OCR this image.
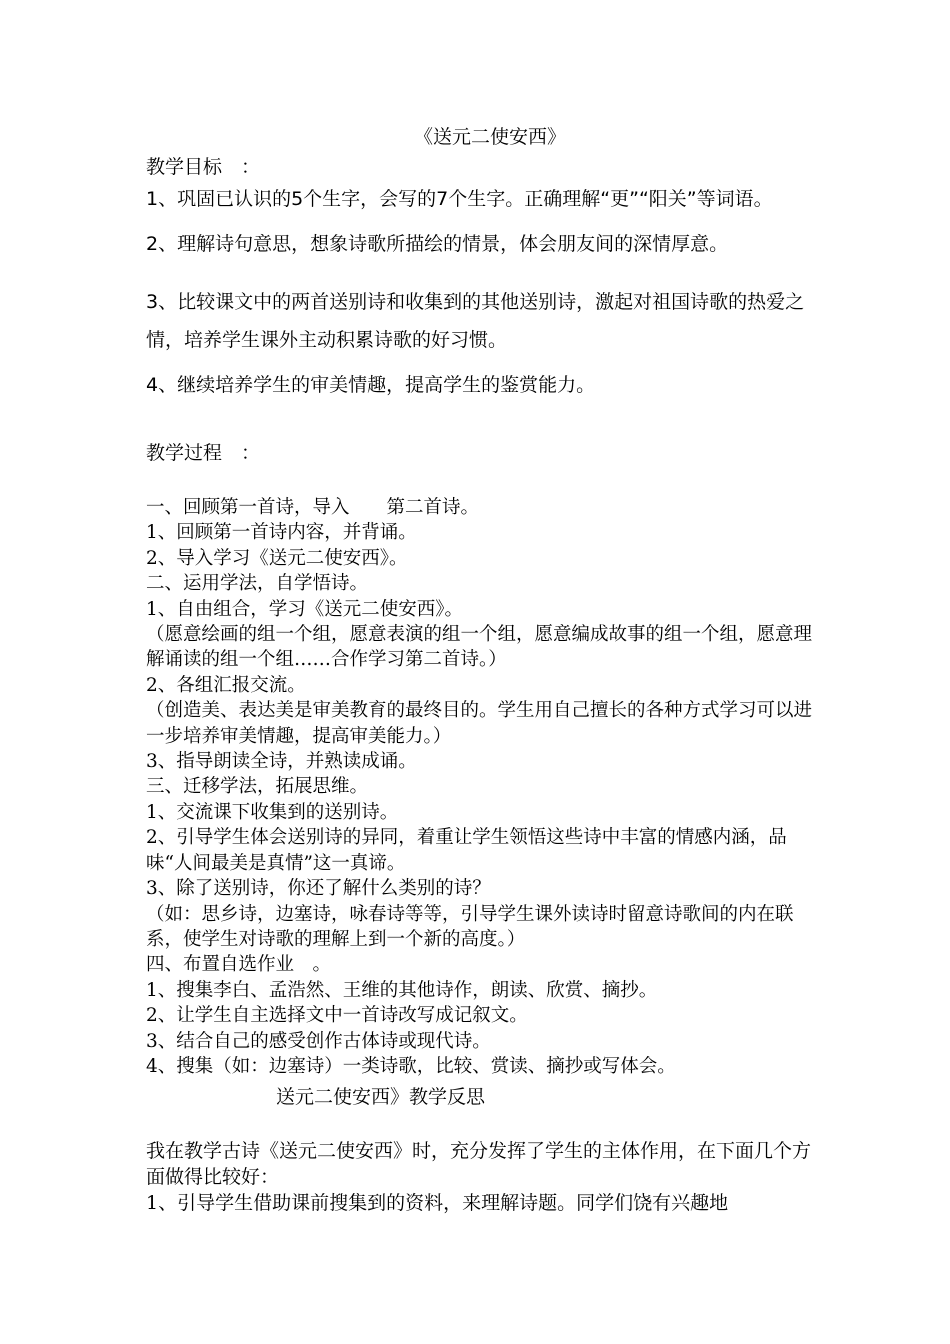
《送元二使安西》
教学目标　：

1、巩固已认识的5个生字，会写的7个生字。正确理解“更”“阳关”等词语。

2、理解诗句意思，想象诗歌所描绘的情景，体会朋友间的深情厚意。

3、比较课文中的两首送别诗和收集到的其他送别诗，激起对祖国诗歌的热爱之情，培养学生课外主动积累诗歌的好习惯。

4、继续培养学生的审美情趣，提高学生的鉴赏能力。

教学过程　：

一、回顾第一首诗，导入　　第二首诗。

1、回顾第一首诗内容，并背诵。

2、导入学习《送元二使安西》。

二、运用学法，自学悟诗。

1、自由组合，学习《送元二使安西》。

（愿意绘画的组一个组，愿意表演的组一个组，愿意编成故事的组一个组，愿意理解诵读的组一个组……合作学习第二首诗。）

2、各组汇报交流。

（创造美、表达美是审美教育的最终目的。学生用自己擅长的各种方式学习可以进一步培养审美情趣，提高审美能力。）

3、指导朗读全诗，并熟读成诵。

三、迁移学法，拓展思维。

1、交流课下收集到的送别诗。

2、引导学生体会送别诗的异同，着重让学生领悟这些诗中丰富的情感内涵，品味“人间最美是真情”这一真谛。

3、除了送别诗，你还了解什么类别的诗？

（如：思乡诗，边塞诗，咏春诗等等，引导学生课外读诗时留意诗歌间的内在联系，使学生对诗歌的理解上到一个新的高度。）

四、布置自选作业　。

1、搜集李白、孟浩然、王维的其他诗作，朗读、欣赏、摘抄。

2、让学生自主选择文中一首诗改写成记叙文。

3、结合自己的感受创作古体诗或现代诗。

4、搜集（如：边塞诗）一类诗歌，比较、赏读、摘抄或写体会。

送元二使安西》教学反思

我在教学古诗《送元二使安西》时，充分发挥了学生的主体作用，在下面几个方面做得比较好：

1、引导学生借助课前搜集到的资料，来理解诗题。同学们饶有兴趣地
